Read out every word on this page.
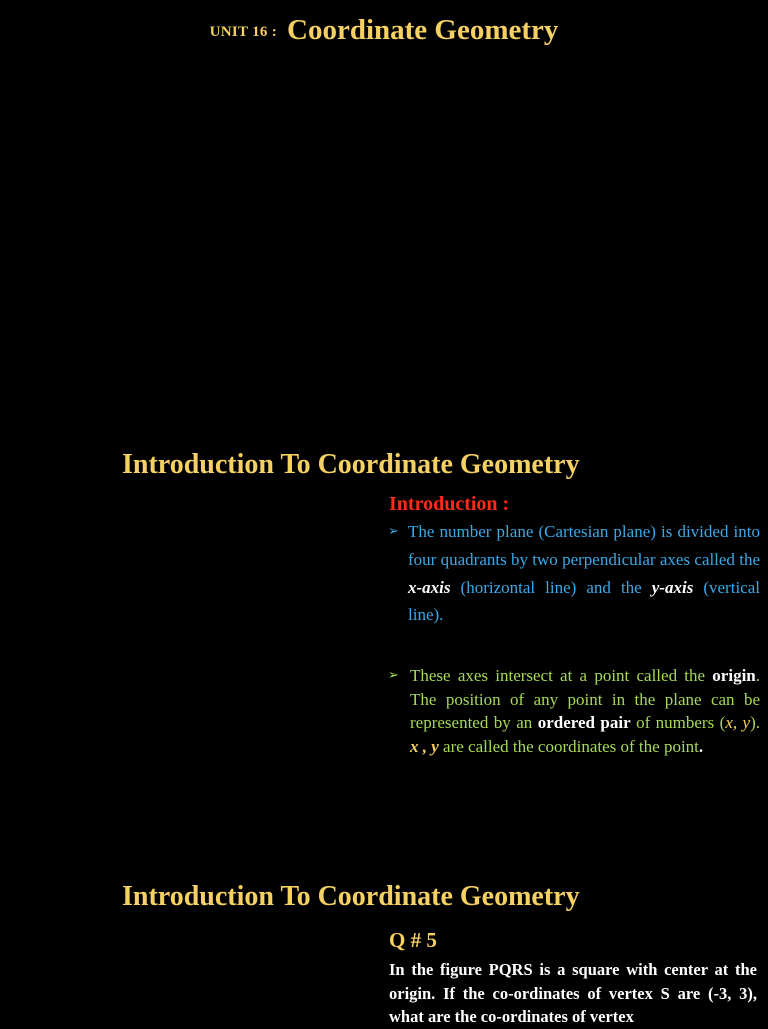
UNIT 16 : Coordinate Geometry
Introduction To Coordinate Geometry
Introduction :
➢ The number plane (Cartesian plane) is divided into four quadrants by two perpendicular axes called the x-axis (horizontal line) and the y-axis (vertical line).
➢ These axes intersect at a point called the origin. The position of any point in the plane can be represented by an ordered pair of numbers (x, y). x , y are called the coordinates of the point.
Introduction To Coordinate Geometry
Q # 5
In the figure PQRS is a square with center at the origin. If the co-ordinates of vertex S are (-3, 3), what are the co-ordinates of vertex
